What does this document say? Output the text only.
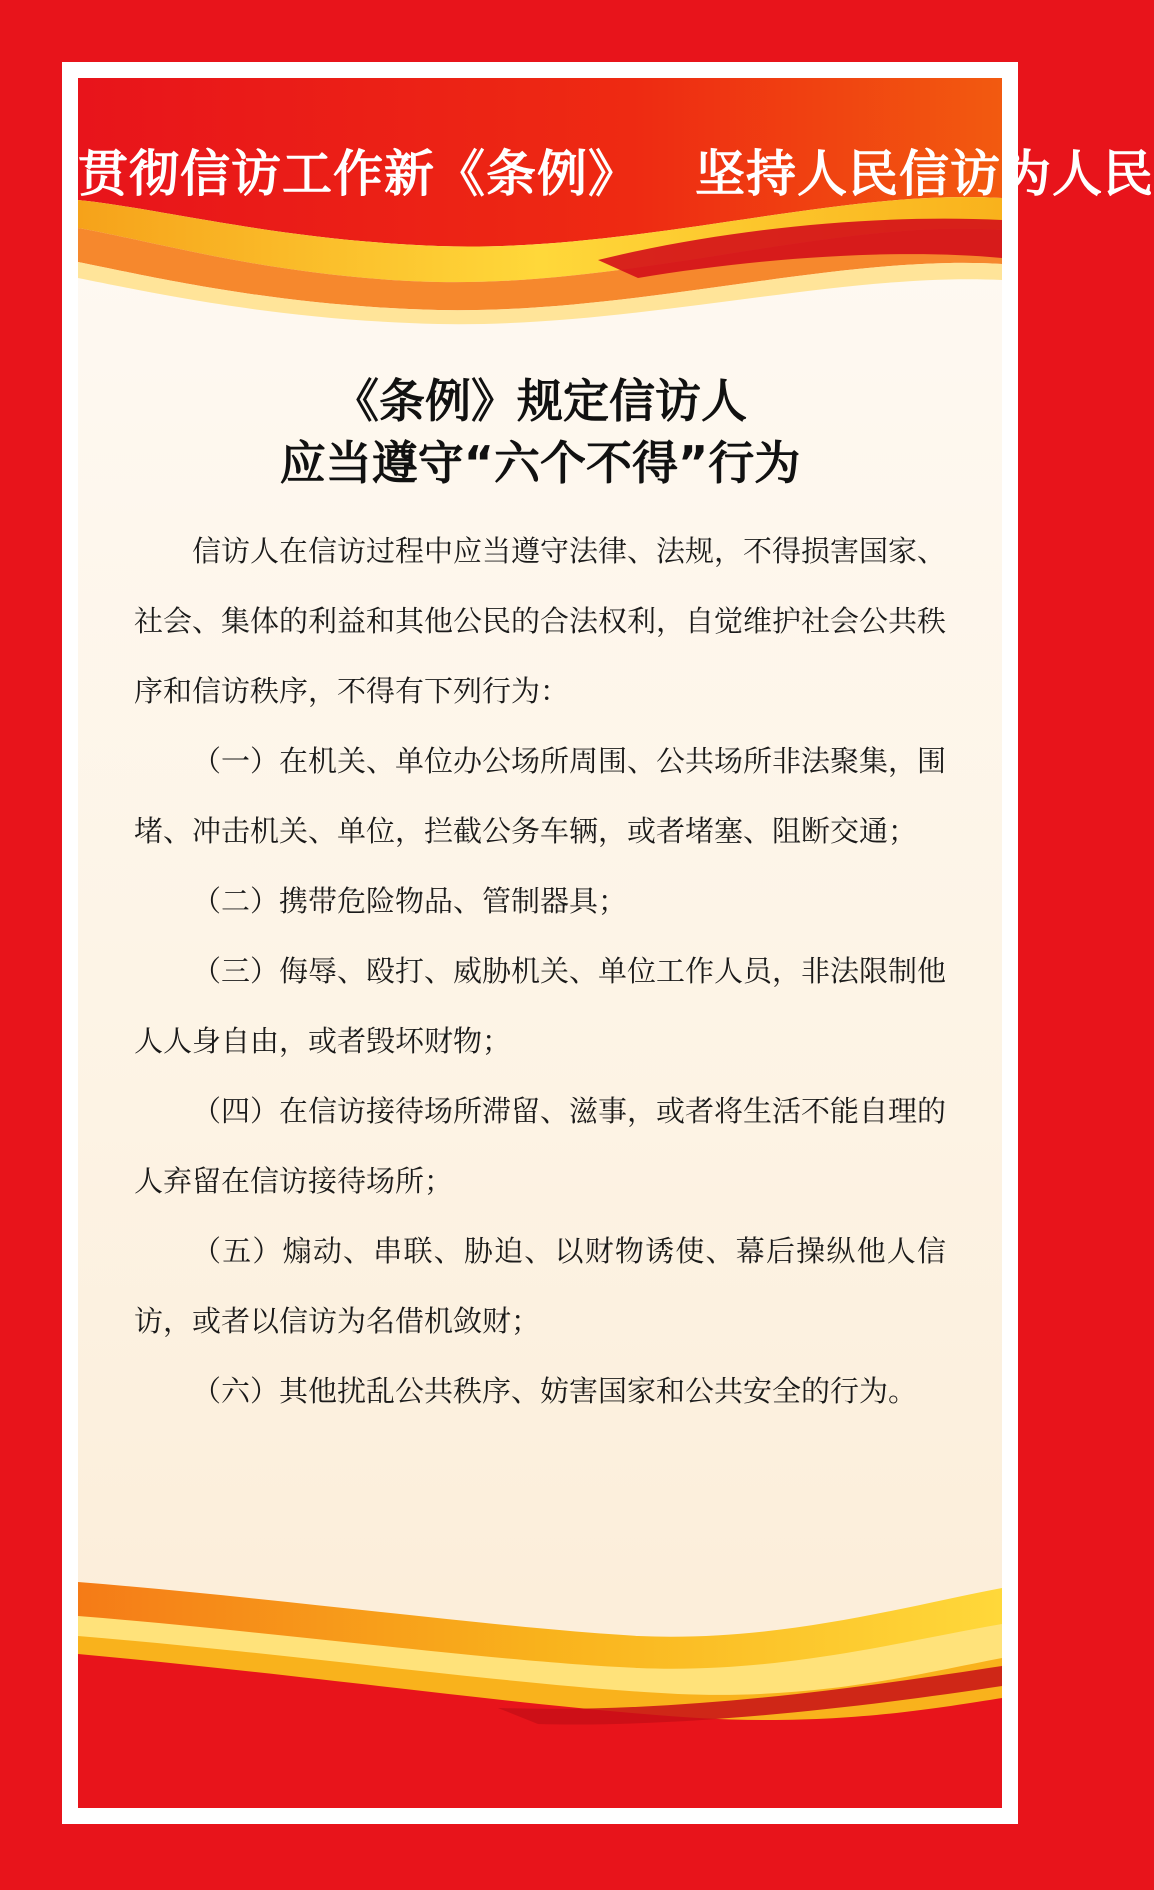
贯彻信访工作新《条例》 坚持人民信访为人民
《条例》规定信访人
应当遵守“六个不得”行为

信访人在信访过程中应当遵守法律、法规，不得损害国家、社会、集体的利益和其他公民的合法权利，自觉维护社会公共秩序和信访秩序，不得有下列行为：

（一）在机关、单位办公场所周围、公共场所非法聚集，围堵、冲击机关、单位，拦截公务车辆，或者堵塞、阻断交通；

（二）携带危险物品、管制器具；

（三）侮辱、殴打、威胁机关、单位工作人员，非法限制他人人身自由，或者毁坏财物；

（四）在信访接待场所滞留、滋事，或者将生活不能自理的人弃留在信访接待场所；

（五）煽动、串联、胁迫、以财物诱使、幕后操纵他人信访，或者以信访为名借机敛财；

（六）其他扰乱公共秩序、妨害国家和公共安全的行为。
